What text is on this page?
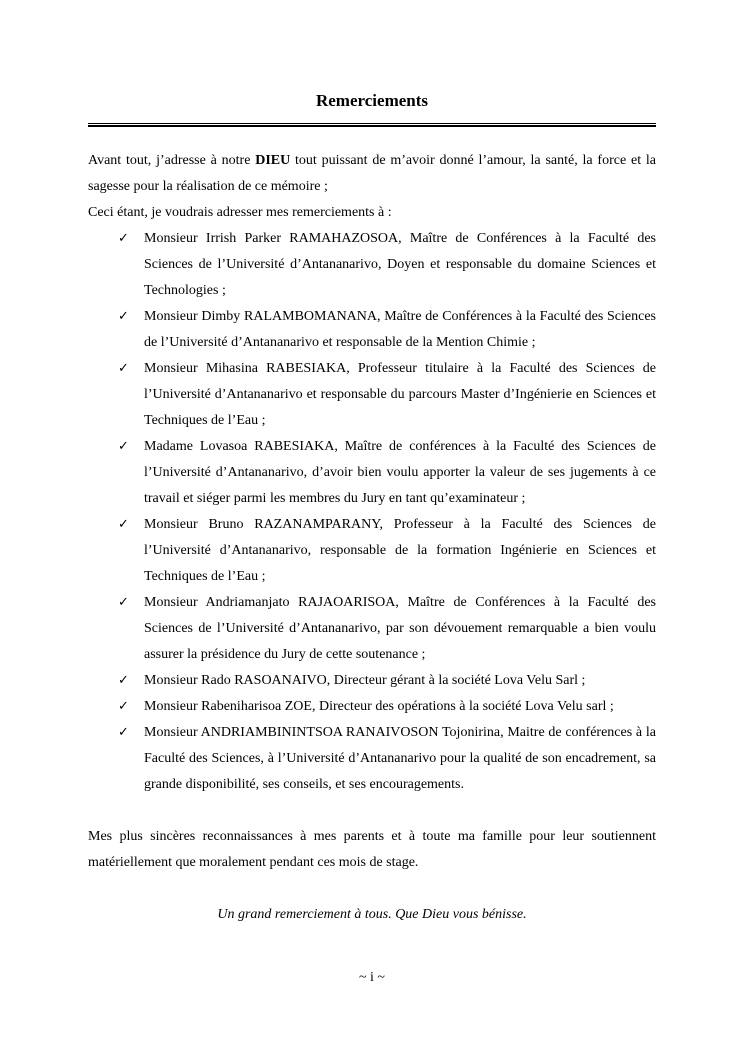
Remerciements

Avant tout, j’adresse à notre DIEU tout puissant de m’avoir donné l’amour, la santé, la force et la sagesse pour la réalisation de ce mémoire ;

Ceci étant, je voudrais adresser mes remerciements à :

✓ Monsieur Irrish Parker RAMAHAZOSOA, Maître de Conférences à la Faculté des Sciences de l’Université d’Antananarivo, Doyen et responsable du domaine Sciences et Technologies ;
✓ Monsieur Dimby RALAMBOMANANA, Maître de Conférences à la Faculté des Sciences de l’Université d’Antananarivo et responsable de la Mention Chimie ;
✓ Monsieur Mihasina RABESIAKA, Professeur titulaire à la Faculté des Sciences de l’Université d’Antananarivo et responsable du parcours Master d’Ingénierie en Sciences et Techniques de l’Eau ;
✓ Madame Lovasoa RABESIAKA, Maître de conférences à la Faculté des Sciences de l’Université d’Antananarivo, d’avoir bien voulu apporter la valeur de ses jugements à ce travail et siéger parmi les membres du Jury en tant qu’examinateur ;
✓ Monsieur Bruno RAZANAMPARANY, Professeur à la Faculté des Sciences de l’Université d’Antananarivo, responsable de la formation Ingénierie en Sciences et Techniques de l’Eau ;
✓ Monsieur Andriamanjato RAJAOARISOA, Maître de Conférences à la Faculté des Sciences de l’Université d’Antananarivo, par son dévouement remarquable a bien voulu assurer la présidence du Jury de cette soutenance ;
✓ Monsieur Rado RASOANAIVO, Directeur gérant à la société Lova Velu Sarl ;
✓ Monsieur Rabeniharisoa ZOE, Directeur des opérations à la société Lova Velu sarl ;
✓ Monsieur ANDRIAMBININTSOA RANAIVOSON Tojonirina, Maitre de conférences à la Faculté des Sciences, à l’Université d’Antananarivo pour la qualité de son encadrement, sa grande disponibilité, ses conseils, et ses encouragements.

Mes plus sincères reconnaissances à mes parents et à toute ma famille pour leur soutiennent matériellement que moralement pendant ces mois de stage.

Un grand remerciement à tous. Que Dieu vous bénisse.

~ i ~
